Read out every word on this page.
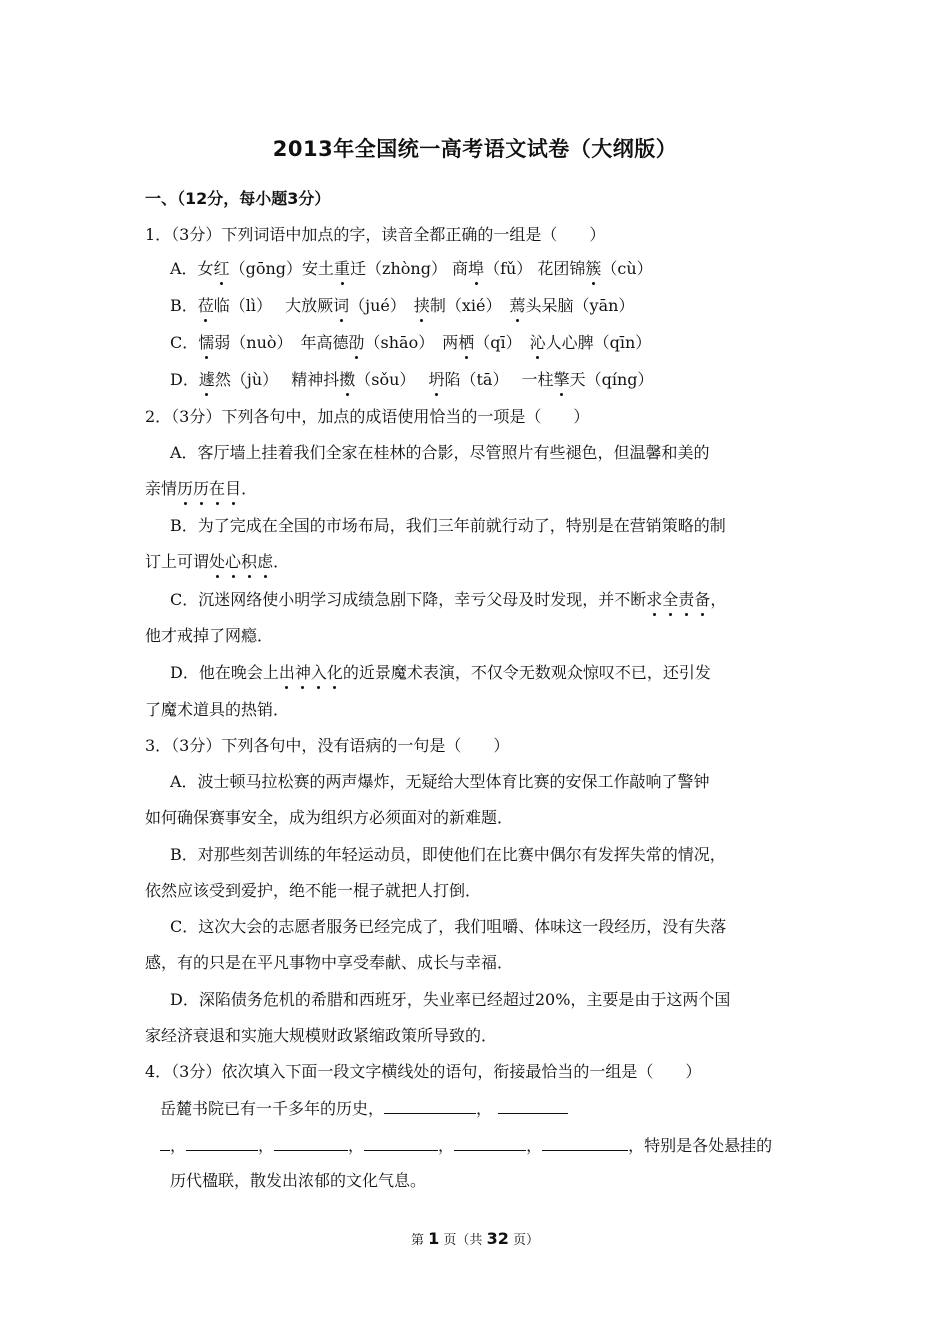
2013年全国统一高考语文试卷（大纲版）
一、（12分，每小题3分）
1．（3分）下列词语中加点的字，读音全都正确的一组是（　　）
A．女红（gōng）安土重迁（zhòng） 商埠（fǔ） 花团锦簇（cù）
B．莅临（lì）　 大放厥词（jué）　挟制（xié）　蔫头呆脑（yān）
C．懦弱（nuò）　年高德劭（shāo）　两栖（qī）　沁人心脾（qīn）
D．遽然（jù）　 精神抖擞（sǒu）　 坍陷（tā）　 一柱擎天（qíng）
2．（3分）下列各句中，加点的成语使用恰当的一项是（　　）
A．客厅墙上挂着我们全家在桂林的合影，尽管照片有些褪色，但温馨和美的
亲情历历在目．
B．为了完成在全国的市场布局，我们三年前就行动了，特别是在营销策略的制
订上可谓处心积虑．
C．沉迷网络使小明学习成绩急剧下降，幸亏父母及时发现，并不断求全责备，
他才戒掉了网瘾．
D．他在晚会上出神入化的近景魔术表演，不仅令无数观众惊叹不已，还引发
了魔术道具的热销．
3．（3分）下列各句中，没有语病的一句是（　　）
A．波士顿马拉松赛的两声爆炸，无疑给大型体育比赛的安保工作敲响了警钟
如何确保赛事安全，成为组织方必须面对的新难题．
B．对那些刻苦训练的年轻运动员，即使他们在比赛中偶尔有发挥失常的情况，
依然应该受到爱护，绝不能一棍子就把人打倒．
C．这次大会的志愿者服务已经完成了，我们咀嚼、体味这一段经历，没有失落
感，有的只是在平凡事物中享受奉献、成长与幸福．
D．深陷债务危机的希腊和西班牙，失业率已经超过20%，主要是由于这两个国
家经济衰退和实施大规模财政紧缩政策所导致的．
4．（3分）依次填入下面一段文字横线处的语句，衔接最恰当的一组是（　　）
岳麓书院已有一千多年的历史，	，
，	，	，	，	，	，特别是各处悬挂的
历代楹联，散发出浓郁的文化气息。
第 1 页（共 32 页）
